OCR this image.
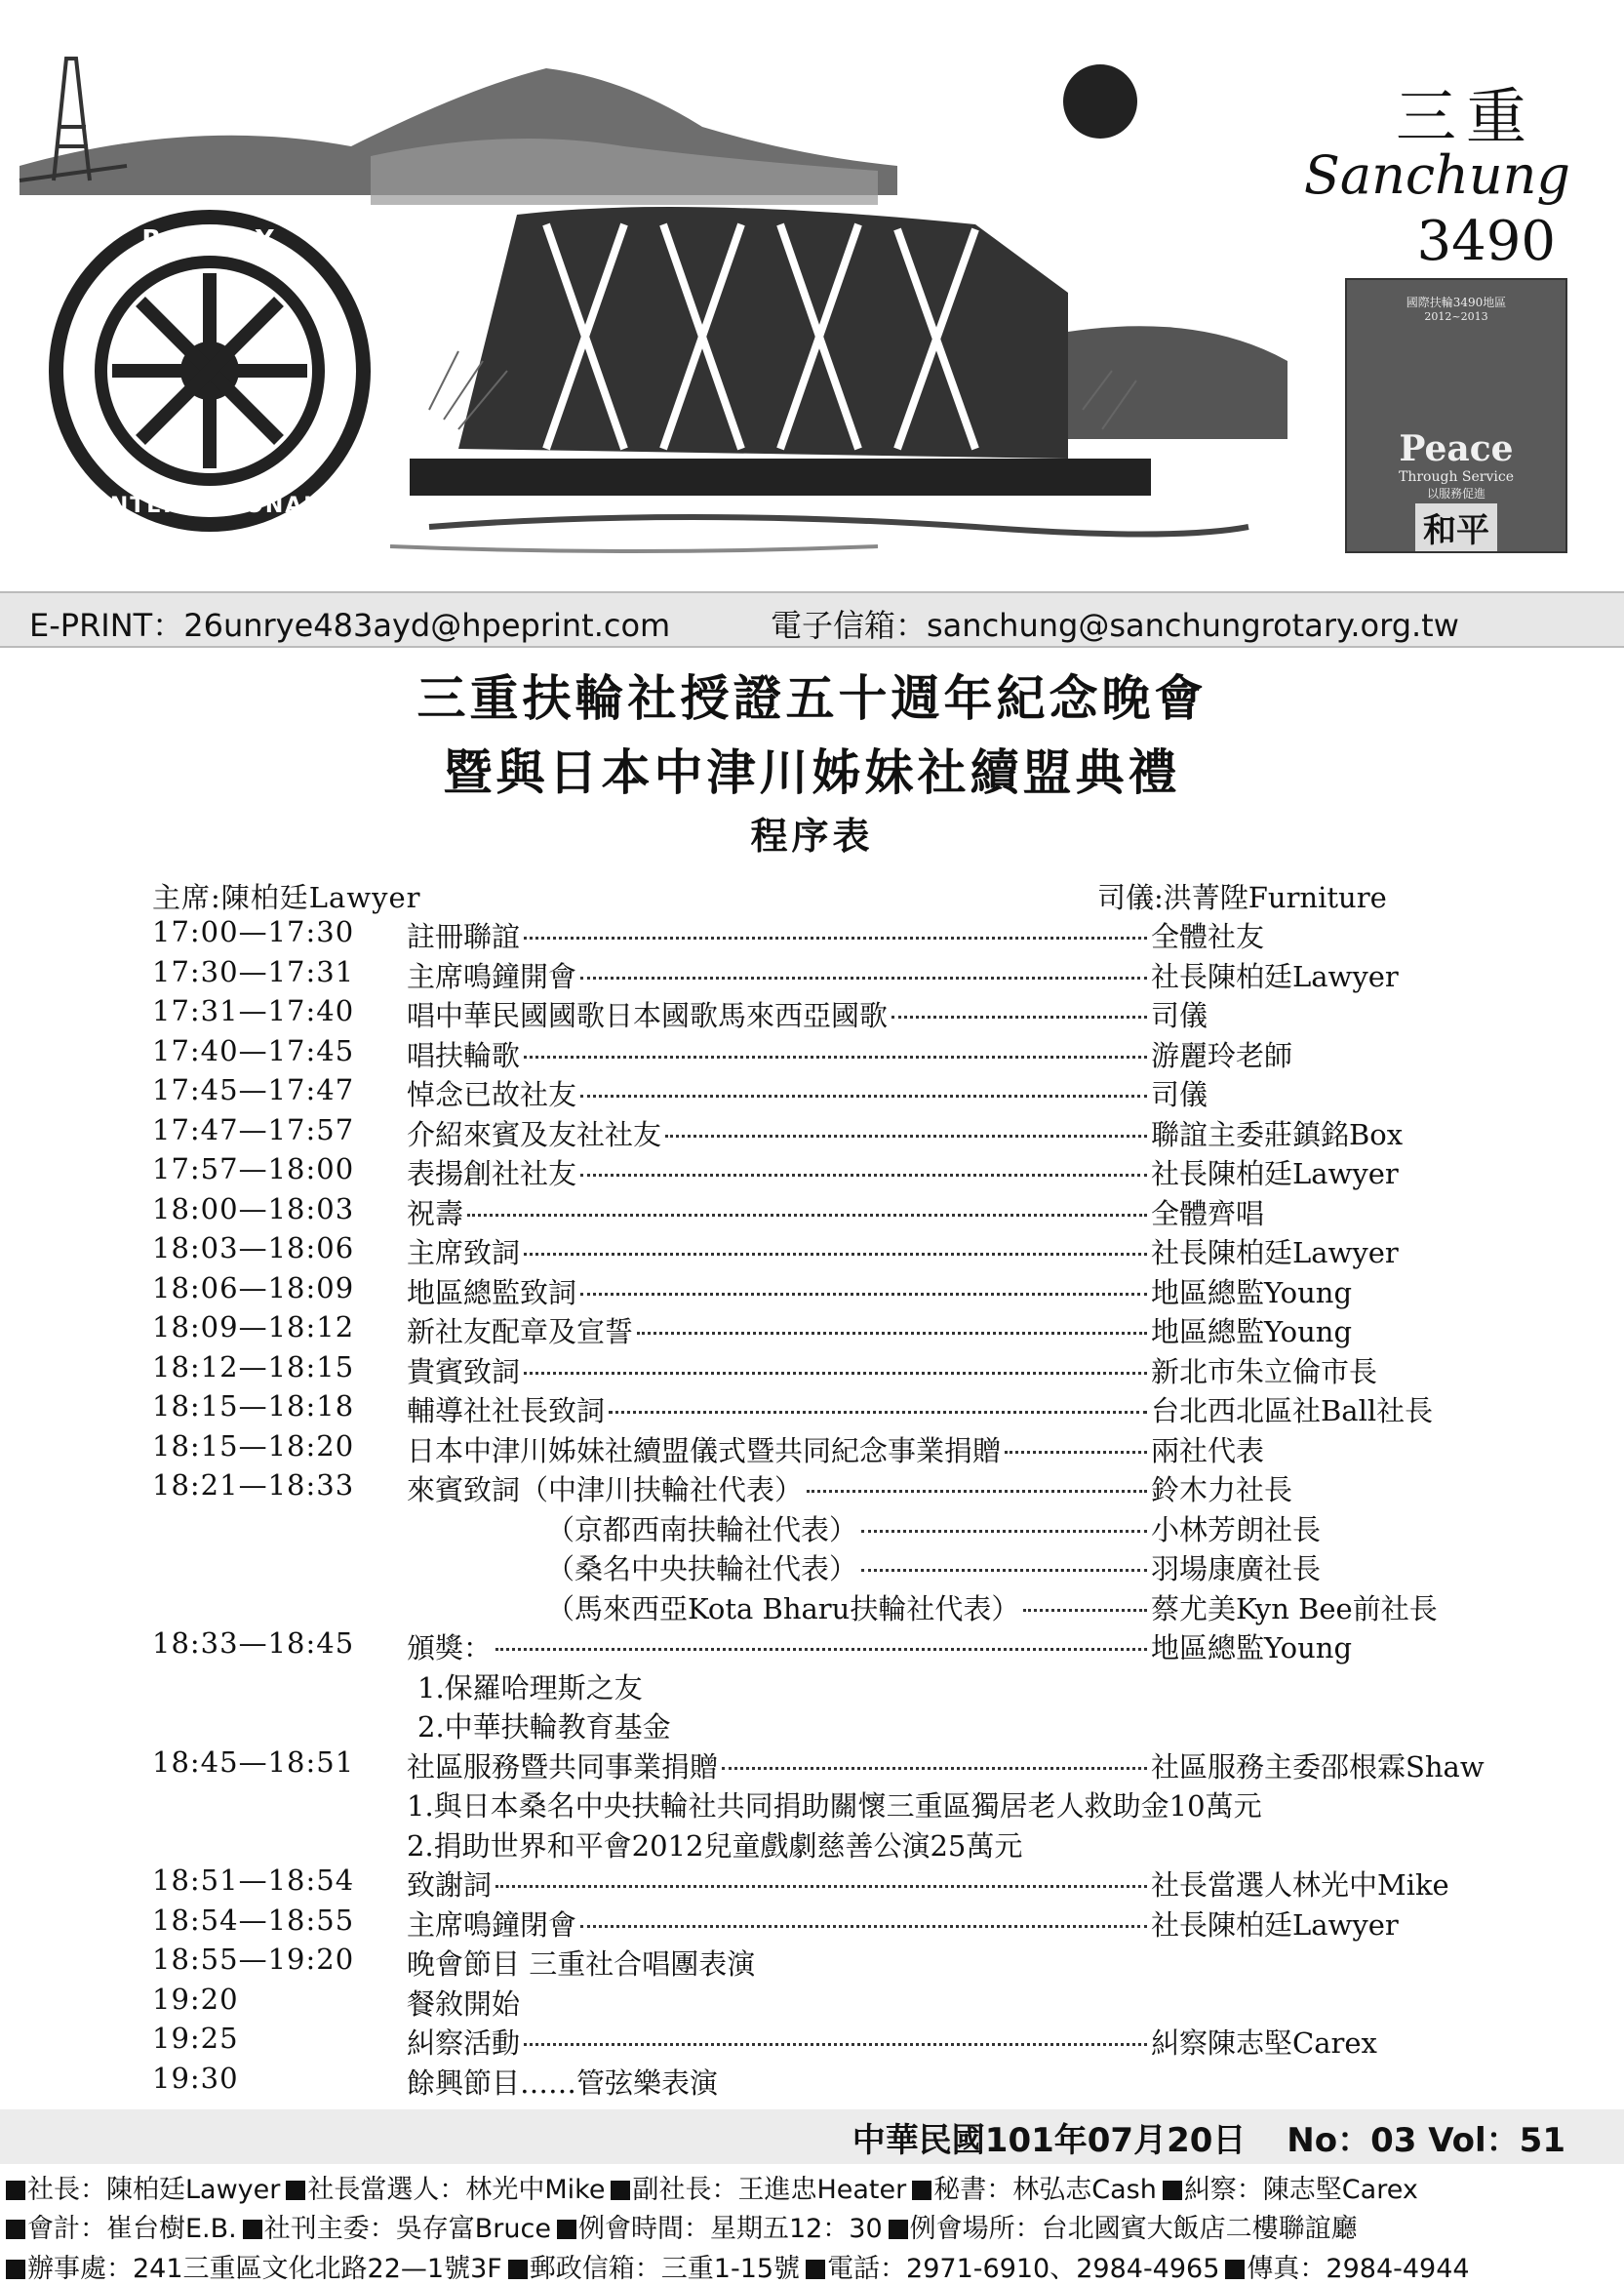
ROTARY
INTERNATIONAL
三重
Sanchung
3490
國際扶輪3490地區
2012~2013
Peace
Through Service
以服務促進
和平
E-PRINT：26unrye483ayd@hpeprint.com	電子信箱：sanchung@sanchungrotary.org.tw
三重扶輪社授證五十週年紀念晚會
暨與日本中津川姊妹社續盟典禮
程序表
主席:陳柏廷Lawyer	司儀:洪菁陞Furniture
17:00—17:30 註冊聯誼	全體社友
17:30—17:31 主席鳴鐘開會	社長陳柏廷Lawyer
17:31—17:40 唱中華民國國歌日本國歌馬來西亞國歌	司儀
17:40—17:45 唱扶輪歌	游麗玲老師
17:45—17:47 悼念已故社友	司儀
17:47—17:57 介紹來賓及友社社友	聯誼主委莊鎮銘Box
17:57—18:00 表揚創社社友	社長陳柏廷Lawyer
18:00—18:03 祝壽	全體齊唱
18:03—18:06 主席致詞	社長陳柏廷Lawyer
18:06—18:09 地區總監致詞	地區總監Young
18:09—18:12 新社友配章及宣誓	地區總監Young
18:12—18:15 貴賓致詞	新北市朱立倫市長
18:15—18:18 輔導社社長致詞	台北西北區社Ball社長
18:15—18:20 日本中津川姊妹社續盟儀式暨共同紀念事業捐贈	兩社代表
18:21—18:33 來賓致詞（中津川扶輪社代表）	鈴木力社長
（京都西南扶輪社代表）	小林芳朗社長
（桑名中央扶輪社代表）	羽場康廣社長
（馬來西亞Kota Bharu扶輪社代表）	蔡尤美Kyn Bee前社長
18:33—18:45 頒獎：	地區總監Young
1.保羅哈理斯之友
2.中華扶輪教育基金
18:45—18:51 社區服務暨共同事業捐贈	社區服務主委邵根霖Shaw
1.與日本桑名中央扶輪社共同捐助關懷三重區獨居老人救助金10萬元
2.捐助世界和平會2012兒童戲劇慈善公演25萬元
18:51—18:54 致謝詞	社長當選人林光中Mike
18:54—18:55 主席鳴鐘閉會	社長陳柏廷Lawyer
18:55—19:20 晚會節目 三重社合唱團表演
19:20	餐敘開始
19:25	糾察活動	糾察陳志堅Carex
19:30	餘興節目……管弦樂表演
中華民國101年07月20日 No：03 Vol：51
社長：陳柏廷Lawyer 社長當選人：林光中Mike 副社長：王進忠Heater 秘書：林弘志Cash 糾察：陳志堅Carex
會計：崔台樹E.B. 社刊主委：吳存富Bruce 例會時間：星期五12：30 例會場所：台北國賓大飯店二樓聯誼廳
辦事處：241三重區文化北路22—1號3F 郵政信箱：三重1-15號 電話：2971-6910、2984-4965 傳真：2984-4944
